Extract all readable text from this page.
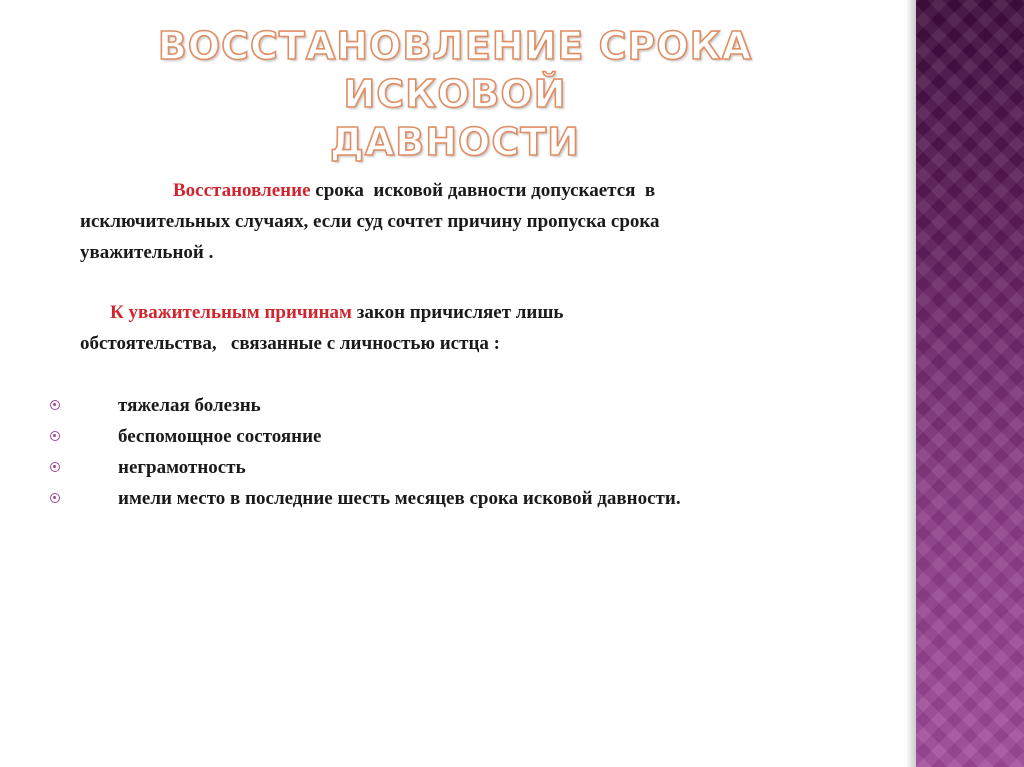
ВОССТАНОВЛЕНИЕ СРОКА ИСКОВОЙ
ДАВНОСТИ
Восстановление срока  исковой давности допускается  в
исключительных случаях, если суд сочтет причину пропуска срока
уважительной .
К уважительным причинам закон причисляет лишь
обстоятельства,   связанные с личностью истца :
тяжелая болезнь
беспомощное состояние
неграмотность
имели место в последние шесть месяцев срока исковой давности.
